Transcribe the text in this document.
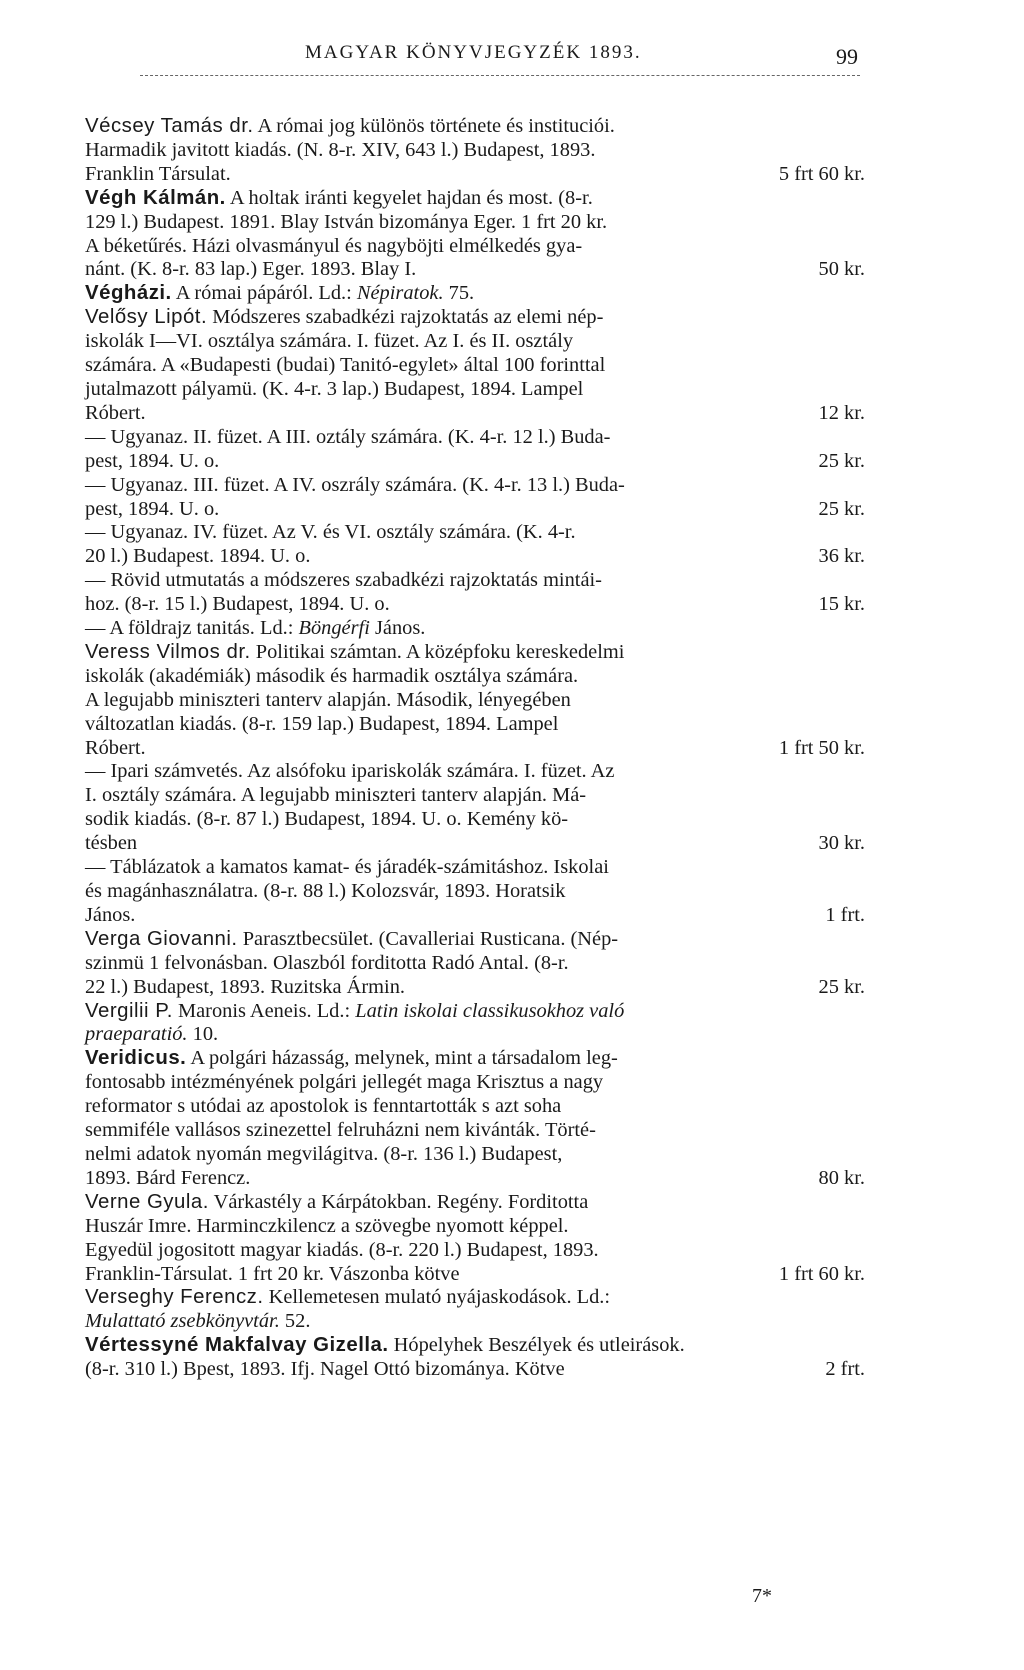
MAGYAR KÖNYVJEGYZÉK 1893.	99
Vécsey Tamás dr. A római jog különös története és instituciói.
Harmadik javitott kiadás. (N. 8-r. XIV, 643 l.) Budapest, 1893.
Franklin Társulat.	5 frt 60 kr.
Végh Kálmán. A holtak iránti kegyelet hajdan és most. (8-r.
129 l.) Budapest. 1891. Blay István bizománya Eger. 1 frt 20 kr.
A béketűrés. Házi olvasmányul és nagyböjti elmélkedés gya-
nánt. (K. 8-r. 83 lap.) Eger. 1893. Blay I.	50 kr.
Végházi. A római pápáról. Ld.: Népiratok. 75.
Velősy Lipót. Módszeres szabadkézi rajzoktatás az elemi nép-
iskolák I—VI. osztálya számára. I. füzet. Az I. és II. osztály
számára. A «Budapesti (budai) Tanitó-egylet» által 100 forinttal
jutalmazott pályamü. (K. 4-r. 3 lap.) Budapest, 1894. Lampel
Róbert.	12 kr.
— Ugyanaz. II. füzet. A III. oztály számára. (K. 4-r. 12 l.) Buda-
pest, 1894. U. o.	25 kr.
— Ugyanaz. III. füzet. A IV. oszrály számára. (K. 4-r. 13 l.) Buda-
pest, 1894. U. o.	25 kr.
— Ugyanaz. IV. füzet. Az V. és VI. osztály számára. (K. 4-r.
20 l.) Budapest. 1894. U. o.	36 kr.
— Rövid utmutatás a módszeres szabadkézi rajzoktatás mintái-
hoz. (8-r. 15 l.) Budapest, 1894. U. o.	15 kr.
— A földrajz tanitás. Ld.: Böngérfi János.
Veress Vilmos dr. Politikai számtan. A középfoku kereskedelmi
iskolák (akadémiák) második és harmadik osztálya számára.
A legujabb miniszteri tanterv alapján. Második, lényegében
változatlan kiadás. (8-r. 159 lap.) Budapest, 1894. Lampel
Róbert.	1 frt 50 kr.
— Ipari számvetés. Az alsófoku ipariskolák számára. I. füzet. Az
I. osztály számára. A legujabb miniszteri tanterv alapján. Má-
sodik kiadás. (8-r. 87 l.) Budapest, 1894. U. o. Kemény kö-
tésben	30 kr.
— Táblázatok a kamatos kamat- és járadék-számitáshoz. Iskolai
és magánhasználatra. (8-r. 88 l.) Kolozsvár, 1893. Horatsik
János.	1 frt.
Verga Giovanni. Parasztbecsület. (Cavalleriai Rusticana. (Nép-
szinmü 1 felvonásban. Olaszból forditotta Radó Antal. (8-r.
22 l.) Budapest, 1893. Ruzitska Ármin.	25 kr.
Vergilii P. Maronis Aeneis. Ld.: Latin iskolai classikusokhoz való
praeparatió. 10.
Veridicus. A polgári házasság, melynek, mint a társadalom leg-
fontosabb intézményének polgári jellegét maga Krisztus a nagy
reformator s utódai az apostolok is fenntartották s azt soha
semmiféle vallásos szinezettel felruházni nem kivánták. Törté-
nelmi adatok nyomán megvilágitva. (8-r. 136 l.) Budapest,
1893. Bárd Ferencz.	80 kr.
Verne Gyula. Várkastély a Kárpátokban. Regény. Forditotta
Huszár Imre. Harminczkilencz a szövegbe nyomott képpel.
Egyedül jogositott magyar kiadás. (8-r. 220 l.) Budapest, 1893.
Franklin-Társulat. 1 frt 20 kr. Vászonba kötve	1 frt 60 kr.
Verseghy Ferencz. Kellemetesen mulató nyájaskodások. Ld.:
Mulattató zsebkönyvtár. 52.
Vértessyné Makfalvay Gizella. Hópelyhek Beszélyek és utleirások.
(8-r. 310 l.) Bpest, 1893. Ifj. Nagel Ottó bizománya. Kötve	2 frt.
7*
